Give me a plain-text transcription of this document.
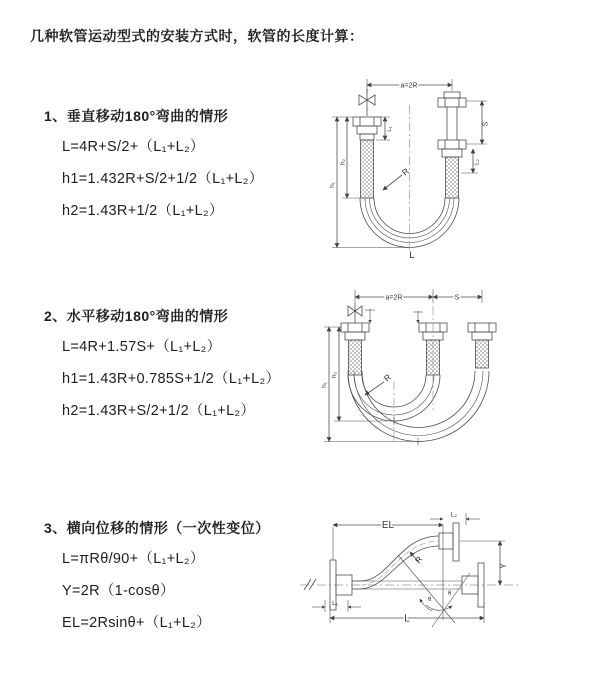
几种软管运动型式的安装方式时，软管的长度计算：
1、垂直移动180°弯曲的情形
L=4R+S/2+（L₁+L₂）
h1=1.432R+S/2+1/2（L₁+L₂）
h2=1.43R+1/2（L₁+L₂）
2、水平移动180°弯曲的情形
L=4R+1.57S+（L₁+L₂）
h1=1.43R+0.785S+1/2（L₁+L₂）
h2=1.43R+S/2+1/2（L₁+L₂）
3、横向位移的情形（一次性变位）
L=πRθ/90+（L₁+L₂）
Y=2R（1-cosθ）
EL=2Rsinθ+（L₁+L₂）
a=2R
h₁
h₂
L₁
S
L₂
R
L
a=2R	S
h₁
h₂	R
EL
L₂
Y
R
θ
θ
L
L₁
